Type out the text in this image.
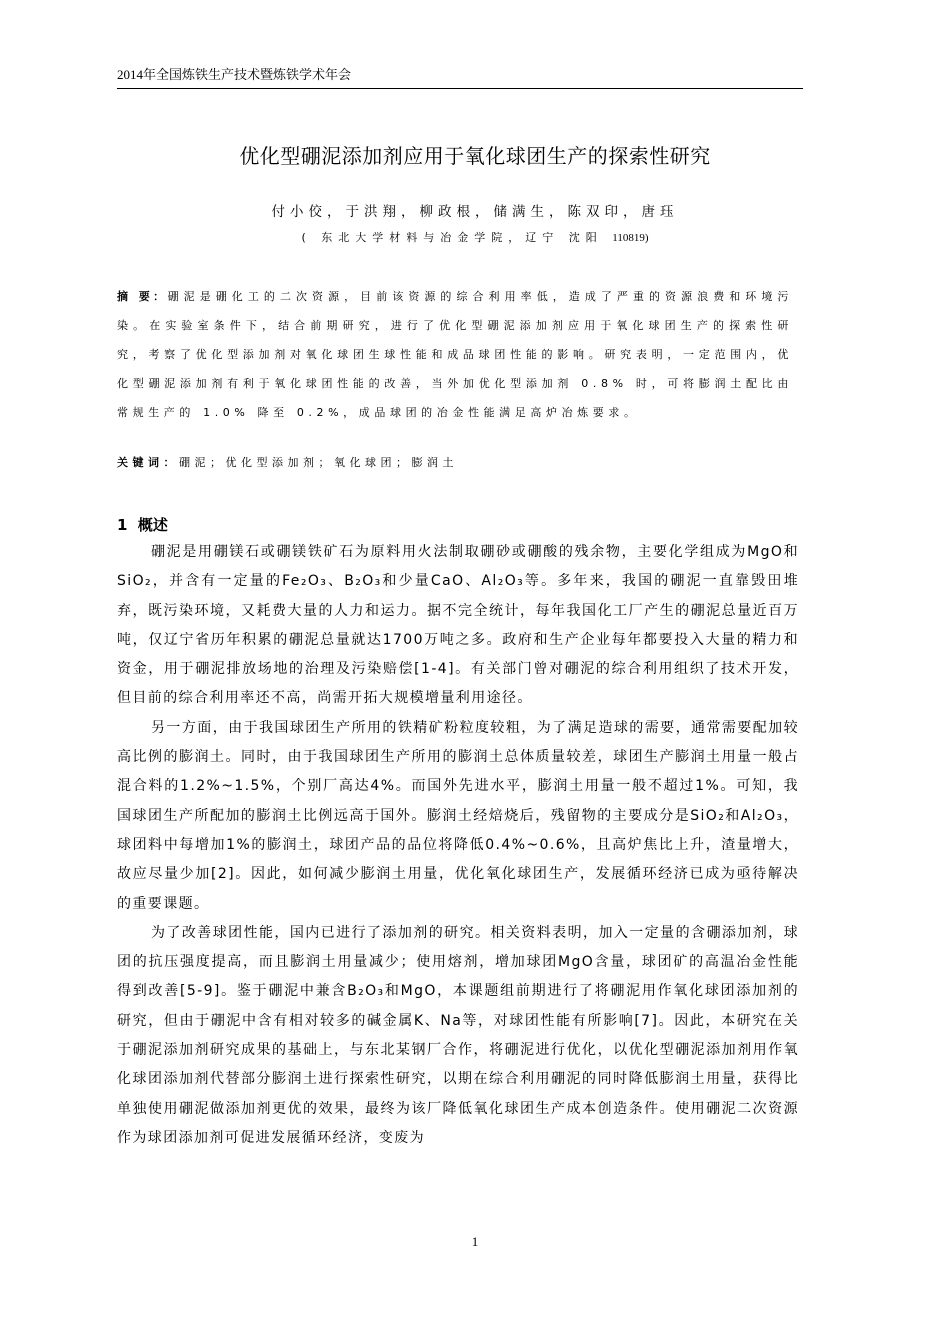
2014年全国炼铁生产技术暨炼铁学术年会
优化型硼泥添加剂应用于氧化球团生产的探索性研究
付小佼，于洪翔，柳政根，储满生，陈双印，唐珏
( 东北大学材料与冶金学院，辽宁 沈阳 110819)

摘 要：硼泥是硼化工的二次资源，目前该资源的综合利用率低，造成了严重的资源浪费和环境污染。在实验室条件下，结合前期研究，进行了优化型硼泥添加剂应用于氧化球团生产的探索性研究，考察了优化型添加剂对氧化球团生球性能和成品球团性能的影响。研究表明，一定范围内，优化型硼泥添加剂有利于氧化球团性能的改善，当外加优化型添加剂 0.8% 时，可将膨润土配比由常规生产的 1.0% 降至 0.2%，成品球团的冶金性能满足高炉冶炼要求。

关键词：硼泥；优化型添加剂；氧化球团；膨润土

1 概述

硼泥是用硼镁石或硼镁铁矿石为原料用火法制取硼砂或硼酸的残余物，主要化学组成为MgO和SiO₂，并含有一定量的Fe₂O₃、B₂O₃和少量CaO、Al₂O₃等。多年来，我国的硼泥一直靠毁田堆弃，既污染环境，又耗费大量的人力和运力。据不完全统计，每年我国化工厂产生的硼泥总量近百万吨，仅辽宁省历年积累的硼泥总量就达1700万吨之多。政府和生产企业每年都要投入大量的精力和资金，用于硼泥排放场地的治理及污染赔偿[1-4]。有关部门曾对硼泥的综合利用组织了技术开发，但目前的综合利用率还不高，尚需开拓大规模增量利用途径。

另一方面，由于我国球团生产所用的铁精矿粉粒度较粗，为了满足造球的需要，通常需要配加较高比例的膨润土。同时，由于我国球团生产所用的膨润土总体质量较差，球团生产膨润土用量一般占混合料的1.2%~1.5%，个别厂高达4%。而国外先进水平，膨润土用量一般不超过1%。可知，我国球团生产所配加的膨润土比例远高于国外。膨润土经焙烧后，残留物的主要成分是SiO₂和Al₂O₃，球团料中每增加1%的膨润土，球团产品的品位将降低0.4%~0.6%，且高炉焦比上升，渣量增大，故应尽量少加[2]。因此，如何减少膨润土用量，优化氧化球团生产，发展循环经济已成为亟待解决的重要课题。

为了改善球团性能，国内已进行了添加剂的研究。相关资料表明，加入一定量的含硼添加剂，球团的抗压强度提高，而且膨润土用量减少；使用熔剂，增加球团MgO含量，球团矿的高温冶金性能得到改善[5-9]。鉴于硼泥中兼含B₂O₃和MgO，本课题组前期进行了将硼泥用作氧化球团添加剂的研究，但由于硼泥中含有相对较多的碱金属K、Na等，对球团性能有所影响[7]。因此，本研究在关于硼泥添加剂研究成果的基础上，与东北某钢厂合作，将硼泥进行优化，以优化型硼泥添加剂用作氧化球团添加剂代替部分膨润土进行探索性研究，以期在综合利用硼泥的同时降低膨润土用量，获得比单独使用硼泥做添加剂更优的效果，最终为该厂降低氧化球团生产成本创造条件。使用硼泥二次资源作为球团添加剂可促进发展循环经济，变废为

1
